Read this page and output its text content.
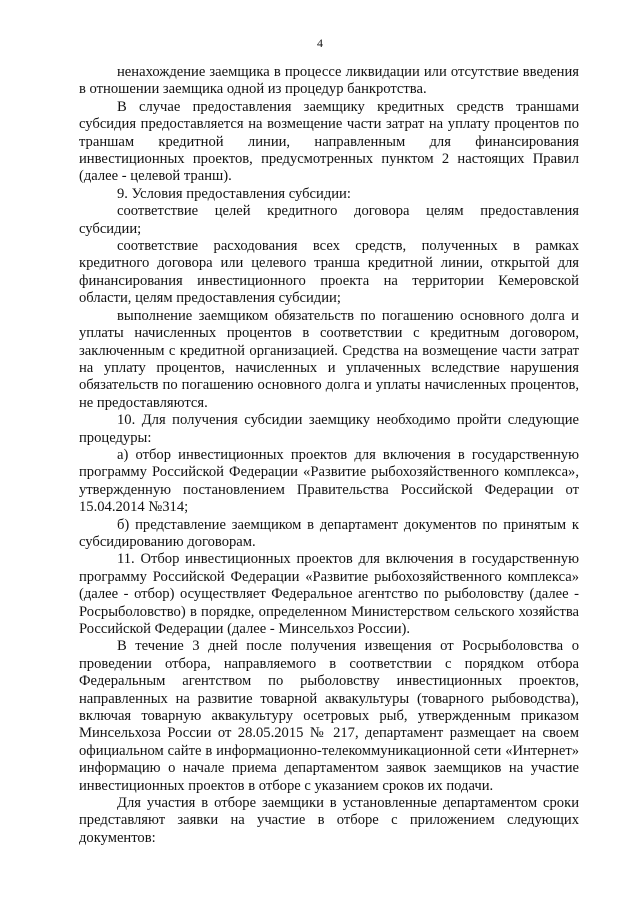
4

ненахождение заемщика в процессе ликвидации или отсутствие введения в отношении заемщика одной из процедур банкротства.

В случае предоставления заемщику кредитных средств траншами субсидия предоставляется на возмещение части затрат на уплату процентов по траншам кредитной линии, направленным для финансирования инвестиционных проектов, предусмотренных пунктом 2 настоящих Правил (далее - целевой транш).

9. Условия предоставления субсидии:

соответствие целей кредитного договора целям предоставления субсидии;

соответствие расходования всех средств, полученных в рамках кредитного договора или целевого транша кредитной линии, открытой для финансирования инвестиционного проекта на территории Кемеровской области, целям предоставления субсидии;

выполнение заемщиком обязательств по погашению основного долга и уплаты начисленных процентов в соответствии с кредитным договором, заключенным с кредитной организацией. Средства на возмещение части затрат на уплату процентов, начисленных и уплаченных вследствие нарушения обязательств по погашению основного долга и уплаты начисленных процентов, не предоставляются.

10. Для получения субсидии заемщику необходимо пройти следующие процедуры:

а) отбор инвестиционных проектов для включения в государственную программу Российской Федерации «Развитие рыбохозяйственного комплекса», утвержденную постановлением Правительства Российской Федерации от 15.04.2014 №314;

б) представление заемщиком в департамент документов по принятым к субсидированию договорам.

11. Отбор инвестиционных проектов для включения в государственную программу Российской Федерации «Развитие рыбохозяйственного комплекса» (далее - отбор) осуществляет Федеральное агентство по рыболовству (далее - Росрыболовство) в порядке, определенном Министерством сельского хозяйства Российской Федерации (далее - Минсельхоз России).

В течение 3 дней после получения извещения от Росрыболовства о проведении отбора, направляемого в соответствии с порядком отбора Федеральным агентством по рыболовству инвестиционных проектов, направленных на развитие товарной аквакультуры (товарного рыбоводства), включая товарную аквакультуру осетровых рыб, утвержденным приказом Минсельхоза России от 28.05.2015 № 217, департамент размещает на своем официальном сайте в информационно-телекоммуникационной сети «Интернет» информацию о начале приема департаментом заявок заемщиков на участие инвестиционных проектов в отборе с указанием сроков их подачи.

Для участия в отборе заемщики в установленные департаментом сроки представляют заявки на участие в отборе с приложением следующих документов:
